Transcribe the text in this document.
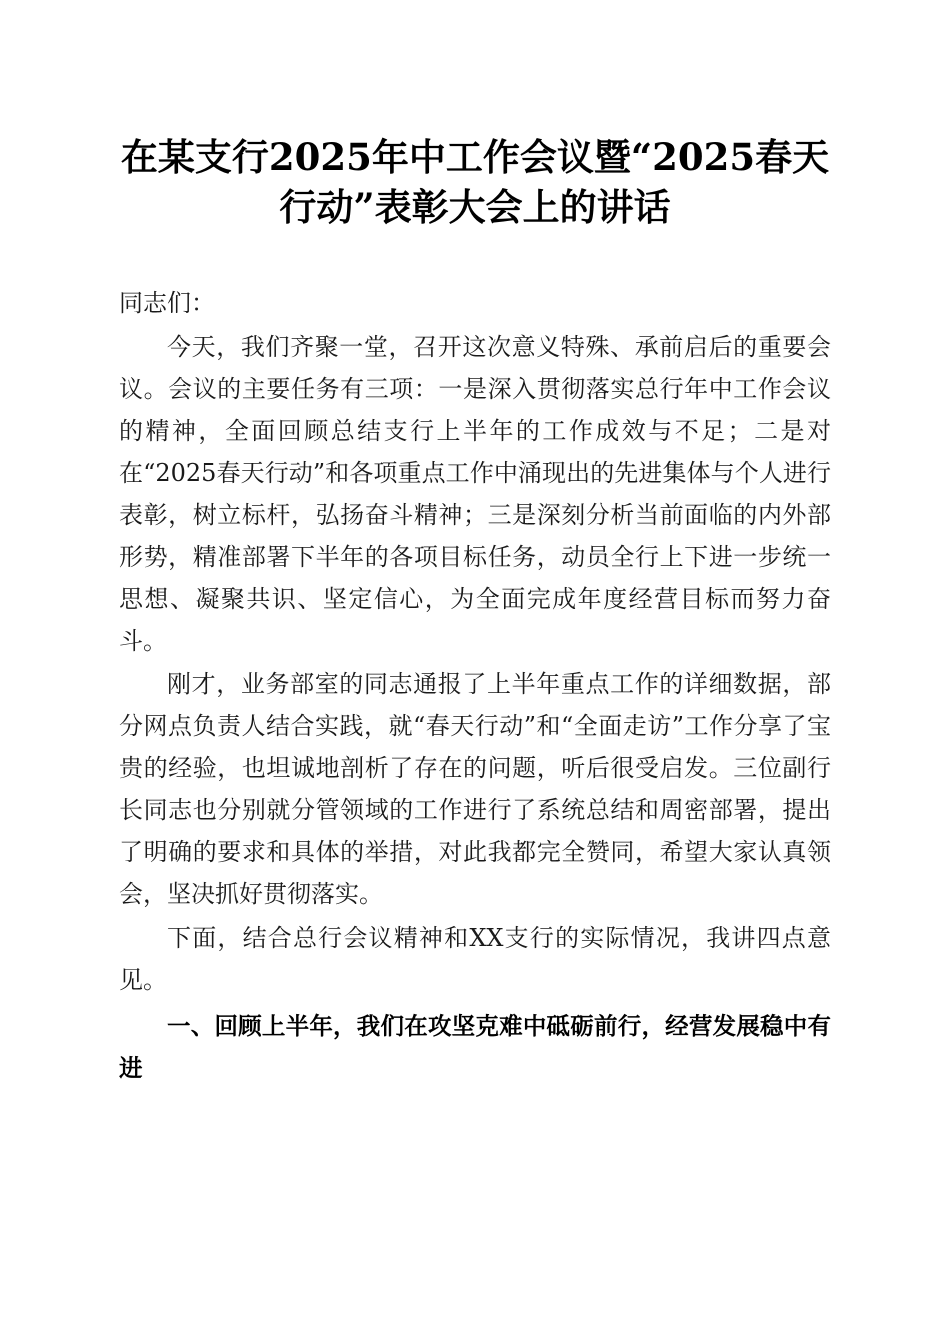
在某支行2025年中工作会议暨“2025春天行动”表彰大会上的讲话

同志们：

今天，我们齐聚一堂，召开这次意义特殊、承前启后的重要会议。会议的主要任务有三项：一是深入贯彻落实总行年中工作会议的精神，全面回顾总结支行上半年的工作成效与不足；二是对在“2025春天行动”和各项重点工作中涌现出的先进集体与个人进行表彰，树立标杆，弘扬奋斗精神；三是深刻分析当前面临的内外部形势，精准部署下半年的各项目标任务，动员全行上下进一步统一思想、凝聚共识、坚定信心，为全面完成年度经营目标而努力奋斗。

刚才，业务部室的同志通报了上半年重点工作的详细数据，部分网点负责人结合实践，就“春天行动”和“全面走访”工作分享了宝贵的经验，也坦诚地剖析了存在的问题，听后很受启发。三位副行长同志也分别就分管领域的工作进行了系统总结和周密部署，提出了明确的要求和具体的举措，对此我都完全赞同，希望大家认真领会，坚决抓好贯彻落实。

下面，结合总行会议精神和XX支行的实际情况，我讲四点意见。

一、回顾上半年，我们在攻坚克难中砥砺前行，经营发展稳中有进
